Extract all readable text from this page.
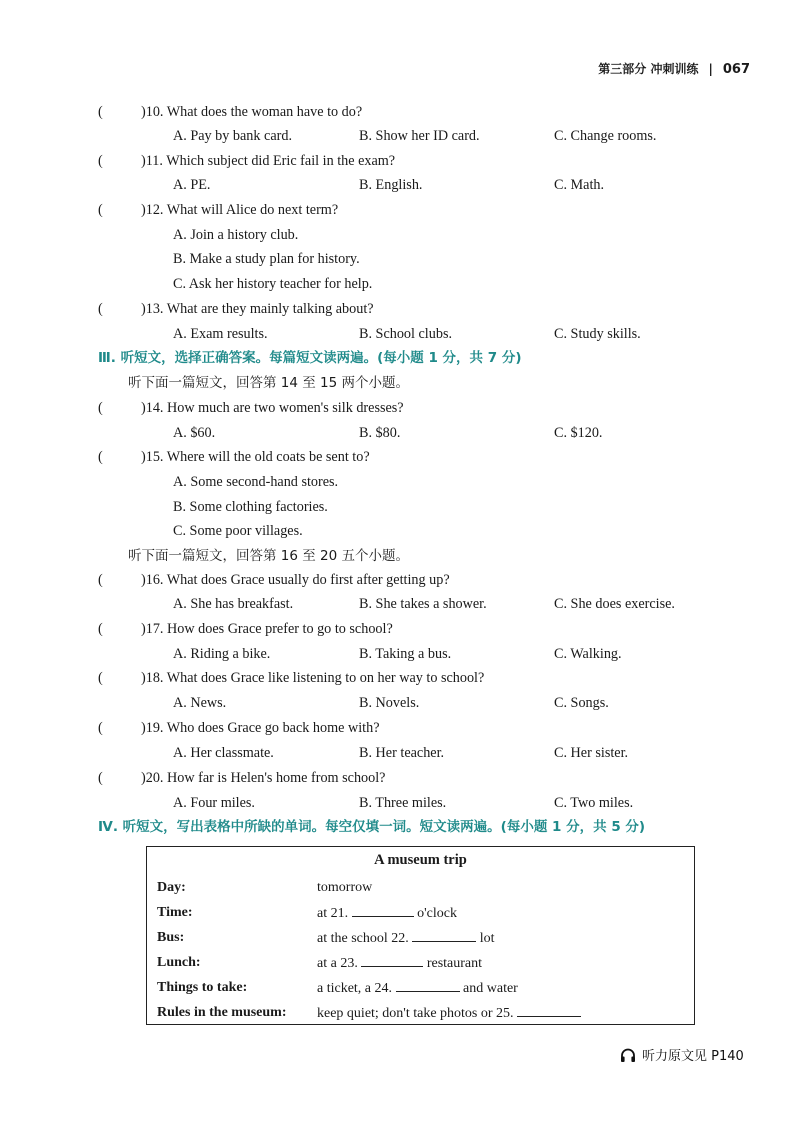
第三部分 冲刺训练 | 067
(	)10. What does the woman have to do?
A. Pay by bank card.	B. Show her ID card.	C. Change rooms.
(	)11. Which subject did Eric fail in the exam?
A. PE.	B. English.	C. Math.
(	)12. What will Alice do next term?
A. Join a history club.
B. Make a study plan for history.
C. Ask her history teacher for help.
(	)13. What are they mainly talking about?
A. Exam results.	B. School clubs.	C. Study skills.
Ⅲ. 听短文，选择正确答案。每篇短文读两遍。(每小题 1 分，共 7 分)
听下面一篇短文，回答第 14 至 15 两个小题。
(	)14. How much are two women's silk dresses?
A. $60.	B. $80.	C. $120.
(	)15. Where will the old coats be sent to?
A. Some second-hand stores.
B. Some clothing factories.
C. Some poor villages.
听下面一篇短文，回答第 16 至 20 五个小题。
(	)16. What does Grace usually do first after getting up?
A. She has breakfast.	B. She takes a shower.	C. She does exercise.
(	)17. How does Grace prefer to go to school?
A. Riding a bike.	B. Taking a bus.	C. Walking.
(	)18. What does Grace like listening to on her way to school?
A. News.	B. Novels.	C. Songs.
(	)19. Who does Grace go back home with?
A. Her classmate.	B. Her teacher.	C. Her sister.
(	)20. How far is Helen's home from school?
A. Four miles.	B. Three miles.	C. Two miles.
Ⅳ. 听短文，写出表格中所缺的单词。每空仅填一词。短文读两遍。(每小题 1 分，共 5 分)
A museum trip
Day:	tomorrow
Time:	at 21.	o'clock
Bus:	at the school 22.	lot
Lunch:	at a 23.	restaurant
Things to take:	a ticket, a 24.	and water
Rules in the museum: keep quiet; don't take photos or 25.
听力原文见 P140
